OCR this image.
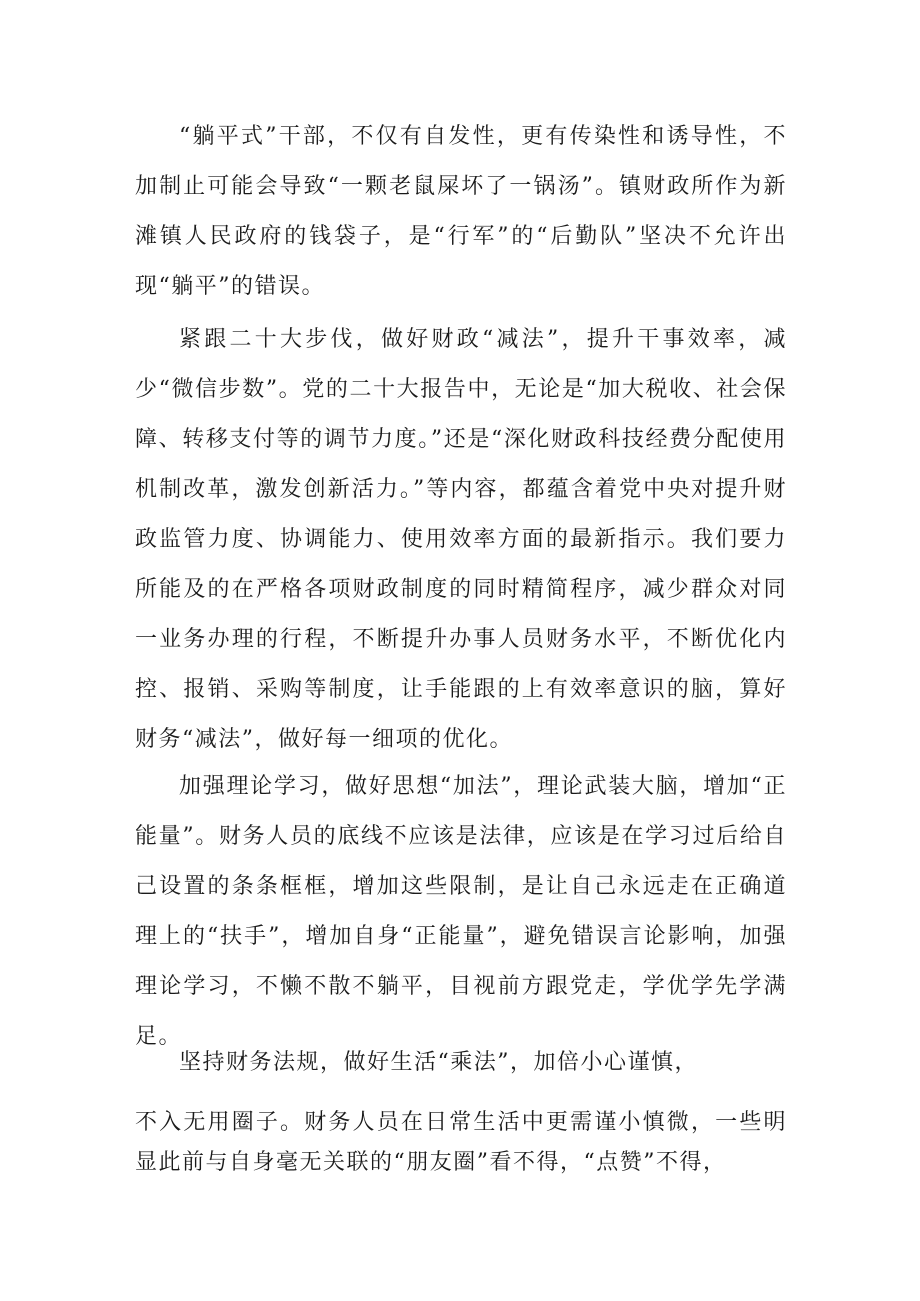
“躺平式”干部，不仅有自发性，更有传染性和诱导性，不加制止可能会导致“一颗老鼠屎坏了一锅汤”。镇财政所作为新滩镇人民政府的钱袋子，是“行军”的“后勤队”坚决不允许出现“躺平”的错误。

紧跟二十大步伐，做好财政“减法”，提升干事效率，减少“微信步数”。党的二十大报告中，无论是“加大税收、社会保障、转移支付等的调节力度。”还是“深化财政科技经费分配使用机制改革，激发创新活力。”等内容，都蕴含着党中央对提升财政监管力度、协调能力、使用效率方面的最新指示。我们要力所能及的在严格各项财政制度的同时精简程序，减少群众对同一业务办理的行程，不断提升办事人员财务水平，不断优化内控、报销、采购等制度，让手能跟的上有效率意识的脑，算好财务“减法”，做好每一细项的优化。

加强理论学习，做好思想“加法”，理论武装大脑，增加“正能量”。财务人员的底线不应该是法律，应该是在学习过后给自己设置的条条框框，增加这些限制，是让自己永远走在正确道理上的“扶手”，增加自身“正能量”，避免错误言论影响，加强理论学习，不懒不散不躺平，目视前方跟党走，学优学先学满足。

坚持财务法规，做好生活“乘法”，加倍小心谨慎，

不入无用圈子。财务人员在日常生活中更需谨小慎微，一些明显此前与自身毫无关联的“朋友圈”看不得，“点赞”不得，
